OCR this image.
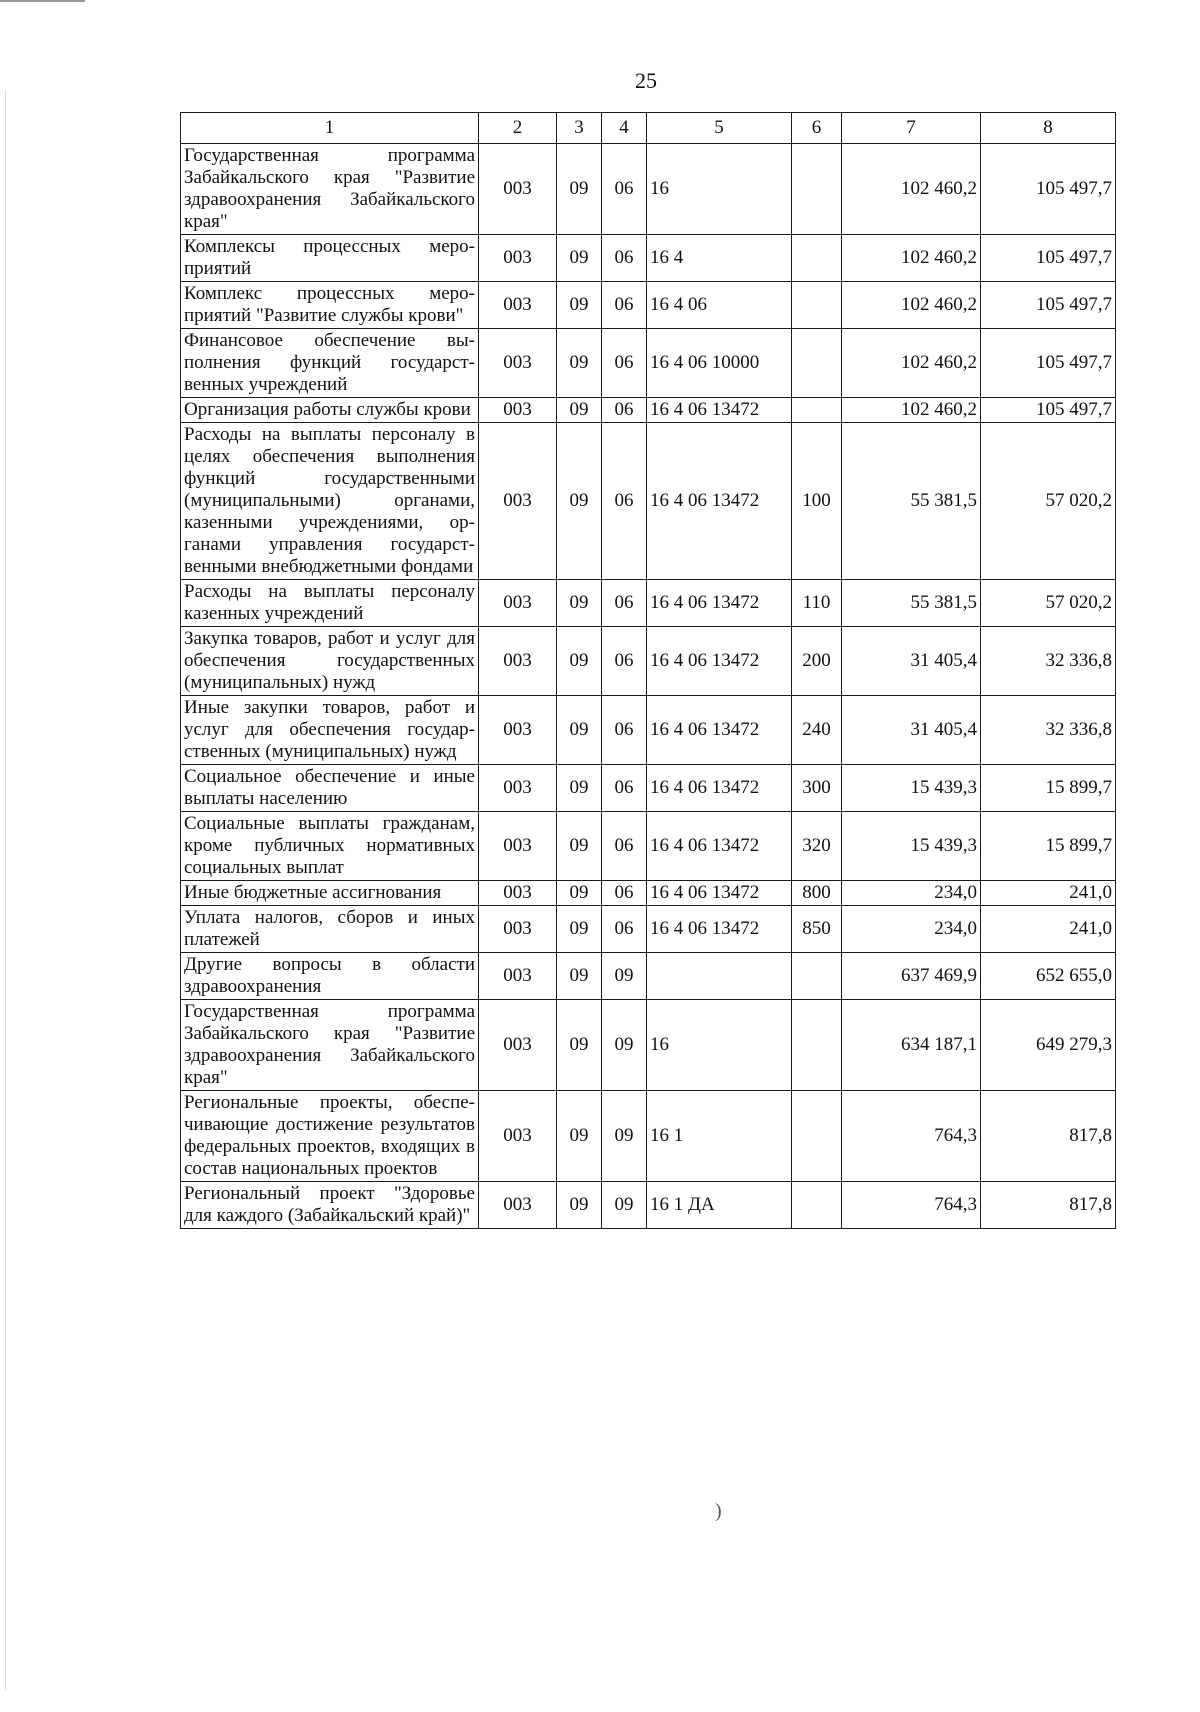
25
1	2	3	4	5	6	7	8
Государственная программа Забайкальского края "Развитие здравоохранения Забайкальского края"	003	09	06	16		102 460,2	105 497,7
Комплексы процессных мероприятий	003	09	06	16 4		102 460,2	105 497,7
Комплекс процессных мероприятий "Развитие службы крови"	003	09	06	16 4 06		102 460,2	105 497,7
Финансовое обеспечение выполнения функций государственных учреждений	003	09	06	16 4 06 10000		102 460,2	105 497,7
Организация работы службы крови	003	09	06	16 4 06 13472		102 460,2	105 497,7
Расходы на выплаты персоналу в целях обеспечения выполнения функций государственными (муниципальными) органами, казенными учреждениями, органами управления государственными внебюджетными фондами	003	09	06	16 4 06 13472	100	55 381,5	57 020,2
Расходы на выплаты персоналу казенных учреждений	003	09	06	16 4 06 13472	110	55 381,5	57 020,2
Закупка товаров, работ и услуг для обеспечения государственных (муниципальных) нужд	003	09	06	16 4 06 13472	200	31 405,4	32 336,8
Иные закупки товаров, работ и услуг для обеспечения государственных (муниципальных) нужд	003	09	06	16 4 06 13472	240	31 405,4	32 336,8
Социальное обеспечение и иные выплаты населению	003	09	06	16 4 06 13472	300	15 439,3	15 899,7
Социальные выплаты гражданам, кроме публичных нормативных социальных выплат	003	09	06	16 4 06 13472	320	15 439,3	15 899,7
Иные бюджетные ассигнования	003	09	06	16 4 06 13472	800	234,0	241,0
Уплата налогов, сборов и иных платежей	003	09	06	16 4 06 13472	850	234,0	241,0
Другие вопросы в области здравоохранения	003	09	09			637 469,9	652 655,0
Государственная программа Забайкальского края "Развитие здравоохранения Забайкальского края"	003	09	09	16		634 187,1	649 279,3
Региональные проекты, обеспечивающие достижение результатов федеральных проектов, входящих в состав национальных проектов	003	09	09	16 1		764,3	817,8
Региональный проект "Здоровье для каждого (Забайкальский край)"	003	09	09	16 1 ДА		764,3	817,8
)
